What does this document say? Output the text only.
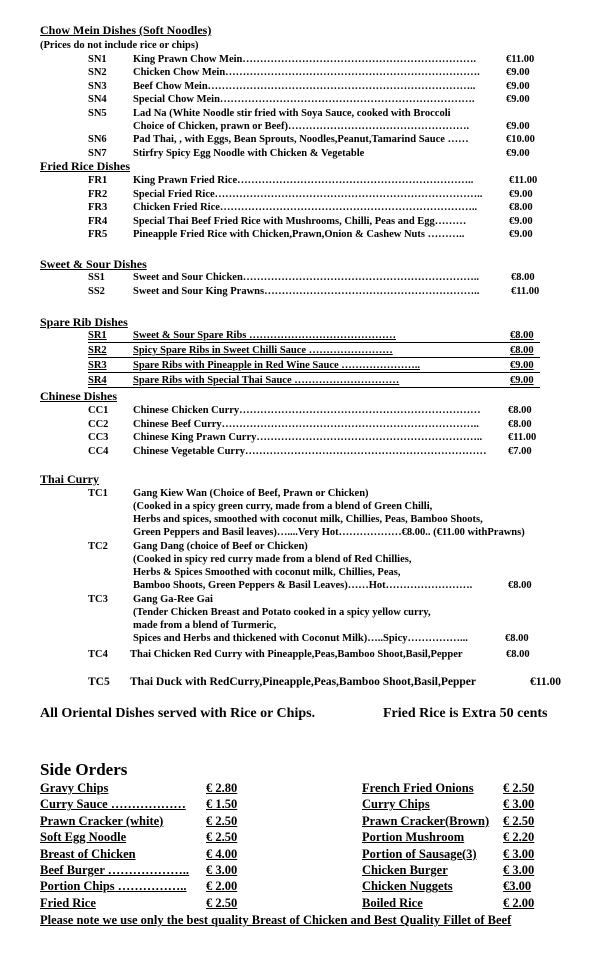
Chow Mein Dishes (Soft Noodles)
(Prices do not include rice or chips)
SN1	King Prawn Chow Mein………………………………………………………….	€11.00
SN2	Chicken Chow Mein……………………………………………………………….	€9.00
SN3	Beef Chow Mein…………………………………………………………………..	€9.00
SN4	Special Chow Mein……………………………………………………………….	€9.00
SN5	Lad Na (White Noodle stir fried with Soya Sauce, cooked with Broccoli
Choice of Chicken, prawn or Beef)…………………………………………….	€9.00
SN6	Pad Thai, , with Eggs, Bean Sprouts, Noodles,Peanut,Tamarind Sauce ……	€10.00
SN7	Stirfry Spicy Egg Noodle with Chicken & Vegetable	€9.00
Fried Rice Dishes
FR1 King Prawn Fried Rice…………………………………………………………..	€11.00
FR2 Special Fried Rice…………………………………………………………………..	€9.00
FR3 Chicken Fried Rice………………………………………………………………..	€8.00
FR4 Special Thai Beef Fried Rice with Mushrooms, Chilli, Peas and Egg………	€9.00
FR5 Pineapple Fried Rice with Chicken,Prawn,Onion & Cashew Nuts ………..	€9.00
Sweet & Sour Dishes
SS1	Sweet and Sour Chicken…………………………………………………………..	€8.00
SS2	Sweet and Sour King Prawns……………………………………………………..	€11.00
Spare Rib Dishes
SR1	Sweet & Sour Spare Ribs ……………………………………	€8.00
SR2	Spicy Spare Ribs in Sweet Chilli Sauce ……………………	€8.00
SR3	Spare Ribs with Pineapple in Red Wine Sauce …………………..	€9.00
SR4	Spare Ribs with Special Thai Sauce …………………………	€9.00
Chinese Dishes
CC1 Chinese Chicken Curry……………………………………………………………	€8.00
CC2 Chinese Beef Curry………………………………………………………………..	€8.00
CC3 Chinese King Prawn Curry………………………………………………………..	€11.00
CC4 Chinese Vegetable Curry……………………………………………………………	€7.00
Thai Curry
TC1 Gang Kiew Wan (Choice of Beef, Prawn or Chicken)
(Cooked in a spicy green curry, made from a blend of Green Chilli,
Herbs and spices, smoothed with coconut milk, Chillies, Peas, Bamboo Shoots,
Green Peppers and Basil leaves)…....Very Hot………………€8.00.. (€11.00 withPrawns)
TC2 Gang Dang (choice of Beef or Chicken)
(Cooked in spicy red curry made from a blend of Red Chillies,
Herbs & Spices Smoothed with coconut milk, Chillies, Peas,
Bamboo Shoots, Green Peppers & Basil Leaves)……Hot…………………….	€8.00
TC3 Gang Ga-Ree Gai
(Tender Chicken Breast and Potato cooked in a spicy yellow curry,
made from a blend of Turmeric,
Spices and Herbs and thickened with Coconut Milk)…..Spicy……………...	€8.00
TC4 Thai Chicken Red Curry with Pineapple,Peas,Bamboo Shoot,Basil,Pepper	€8.00
TC5 Thai Duck with RedCurry,Pineapple,Peas,Bamboo Shoot,Basil,Pepper	€11.00
All Oriental Dishes served with Rice or Chips.	Fried Rice is Extra 50 cents
Side Orders
Gravy Chips	€ 2.80
Curry Sauce ……………… € 1.50
Prawn Cracker (white)	€ 2.50
Soft Egg Noodle	€ 2.50
Breast of Chicken	€ 4.00
Beef Burger ……………….. € 3.00
Portion Chips …………….. € 2.00
Fried Rice	€ 2.50
French Fried Onions € 2.50
Curry Chips	€ 3.00
Prawn Cracker(Brown) € 2.50
Portion Mushroom	€ 2.20
Portion of Sausage(3) € 3.00
Chicken Burger	€ 3.00
Chicken Nuggets	€3.00
Boiled Rice	€ 2.00
Please note we use only the best quality Breast of Chicken and Best Quality Fillet of Beef
